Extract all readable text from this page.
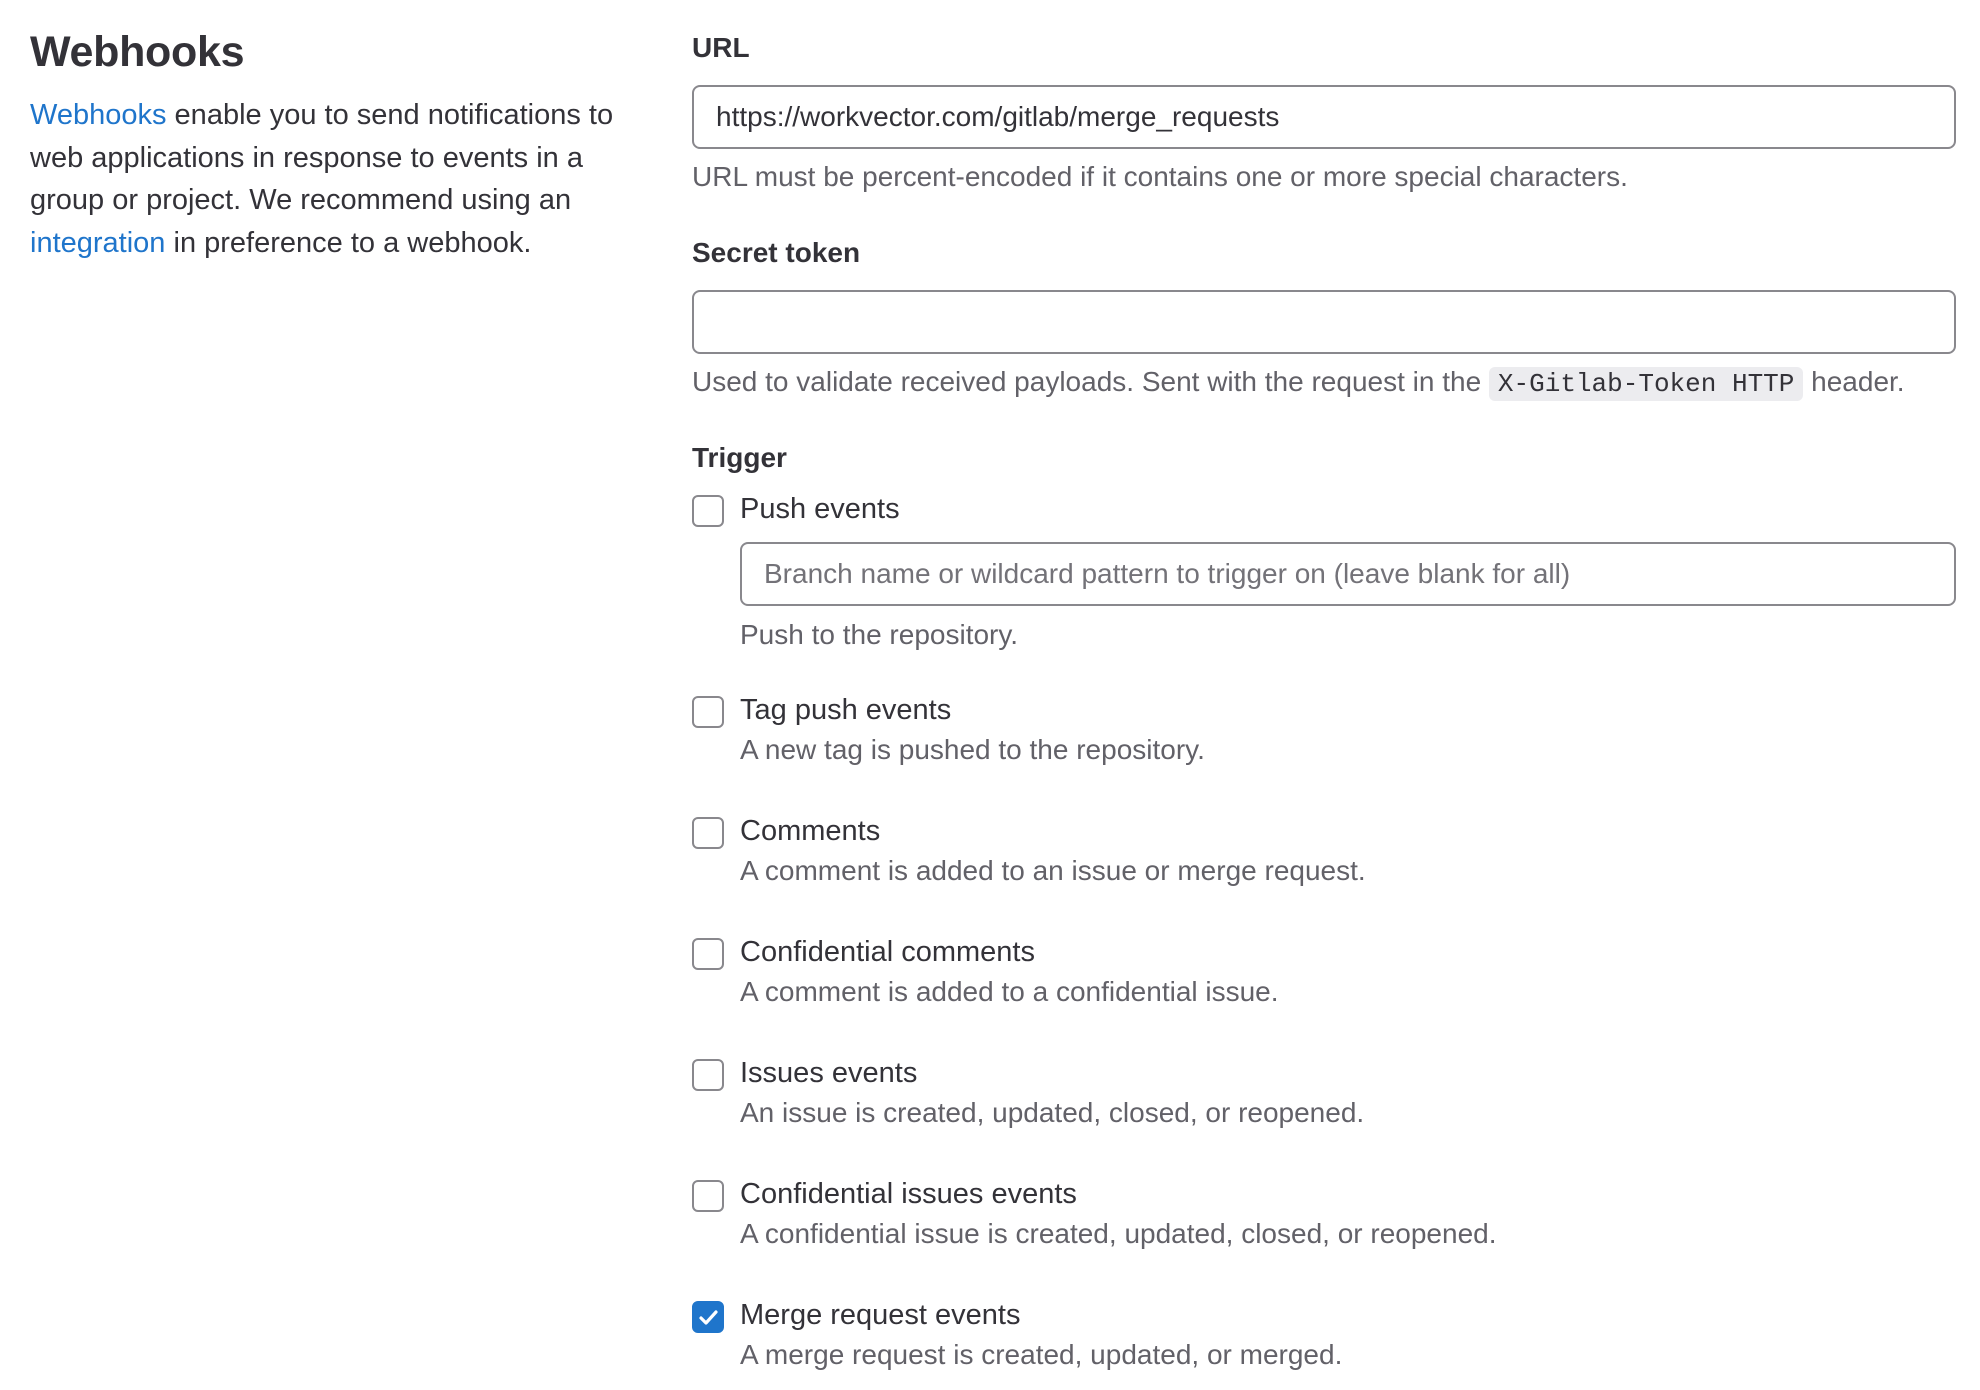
Webhooks
Webhooks enable you to send notifications to web applications in response to events in a group or project. We recommend using an integration in preference to a webhook.
URL
https://workvector.com/gitlab/merge_requests
URL must be percent-encoded if it contains one or more special characters.
Secret token
Used to validate received payloads. Sent with the request in the X-Gitlab-Token HTTP header.
Trigger
Push events
Branch name or wildcard pattern to trigger on (leave blank for all)
Push to the repository.
Tag push events
A new tag is pushed to the repository.
Comments
A comment is added to an issue or merge request.
Confidential comments
A comment is added to a confidential issue.
Issues events
An issue is created, updated, closed, or reopened.
Confidential issues events
A confidential issue is created, updated, closed, or reopened.
Merge request events
A merge request is created, updated, or merged.
